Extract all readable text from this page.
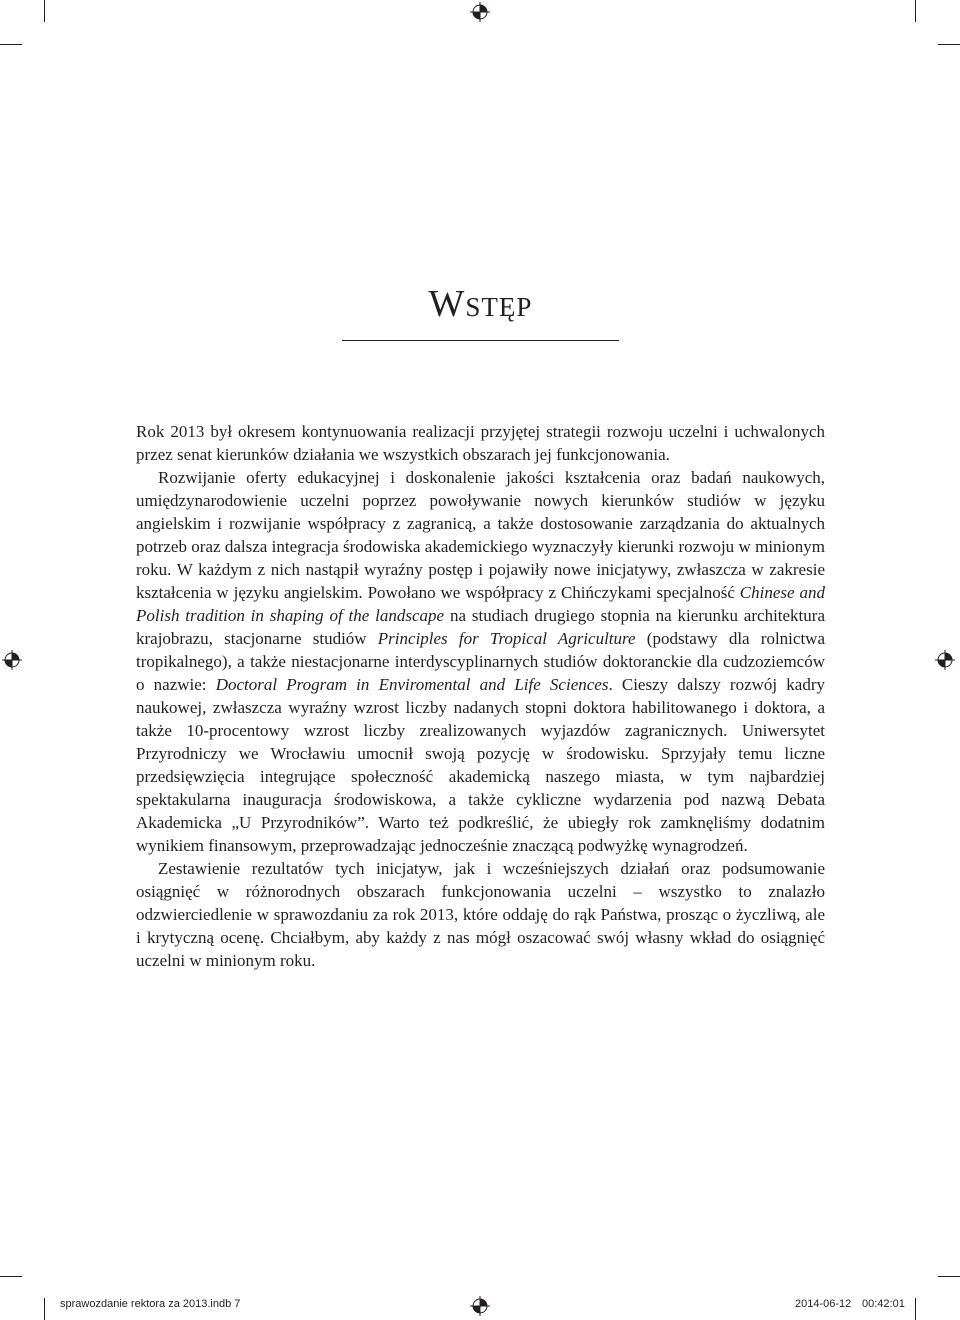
Wstęp

Rok 2013 był okresem kontynuowania realizacji przyjętej strategii rozwoju uczelni i uchwalonych przez senat kierunków działania we wszystkich obszarach jej funkcjonowania.

Rozwijanie oferty edukacyjnej i doskonalenie jakości kształcenia oraz badań naukowych, umiędzynarodowienie uczelni poprzez powoływanie nowych kierunków studiów w języku angielskim i rozwijanie współpracy z zagranicą, a także dostosowanie zarządzania do aktualnych potrzeb oraz dalsza integracja środowiska akademickiego wyznaczyły kierunki rozwoju w minionym roku. W każdym z nich nastąpił wyraźny postęp i pojawiły nowe inicjatywy, zwłaszcza w zakresie kształcenia w języku angielskim. Powołano we współpracy z Chińczykami specjalność Chinese and Polish tradition in shaping of the landscape na studiach drugiego stopnia na kierunku architektura krajobrazu, stacjonarne studiów Principles for Tropical Agriculture (podstawy dla rolnictwa tropikalnego), a także niestacjonarne interdyscyplinarnych studiów doktoranckie dla cudzoziemców o nazwie: Doctoral Program in Enviromental and Life Sciences. Cieszy dalszy rozwój kadry naukowej, zwłaszcza wyraźny wzrost liczby nadanych stopni doktora habilitowanego i doktora, a także 10-procentowy wzrost liczby zrealizowanych wyjazdów zagranicznych. Uniwersytet Przyrodniczy we Wrocławiu umocnił swoją pozycję w środowisku. Sprzyjały temu liczne przedsięwzięcia integrujące społeczność akademicką naszego miasta, w tym najbardziej spektakularna inauguracja środowiskowa, a także cykliczne wydarzenia pod nazwą Debata Akademicka „U Przyrodników”. Warto też podkreślić, że ubiegły rok zamknęliśmy dodatnim wynikiem finansowym, przeprowadzając jednocześnie znaczącą podwyżkę wynagrodzeń.

Zestawienie rezultatów tych inicjatyw, jak i wcześniejszych działań oraz podsumowanie osiągnięć w różnorodnych obszarach funkcjonowania uczelni – wszystko to znalazło odzwierciedlenie w sprawozdaniu za rok 2013, które oddaję do rąk Państwa, prosząc o życzliwą, ale i krytyczną ocenę. Chciałbym, aby każdy z nas mógł oszacować swój własny wkład do osiągnięć uczelni w minionym roku.

sprawozdanie rektora za 2013.indb 7	2014-06-12 00:42:01
